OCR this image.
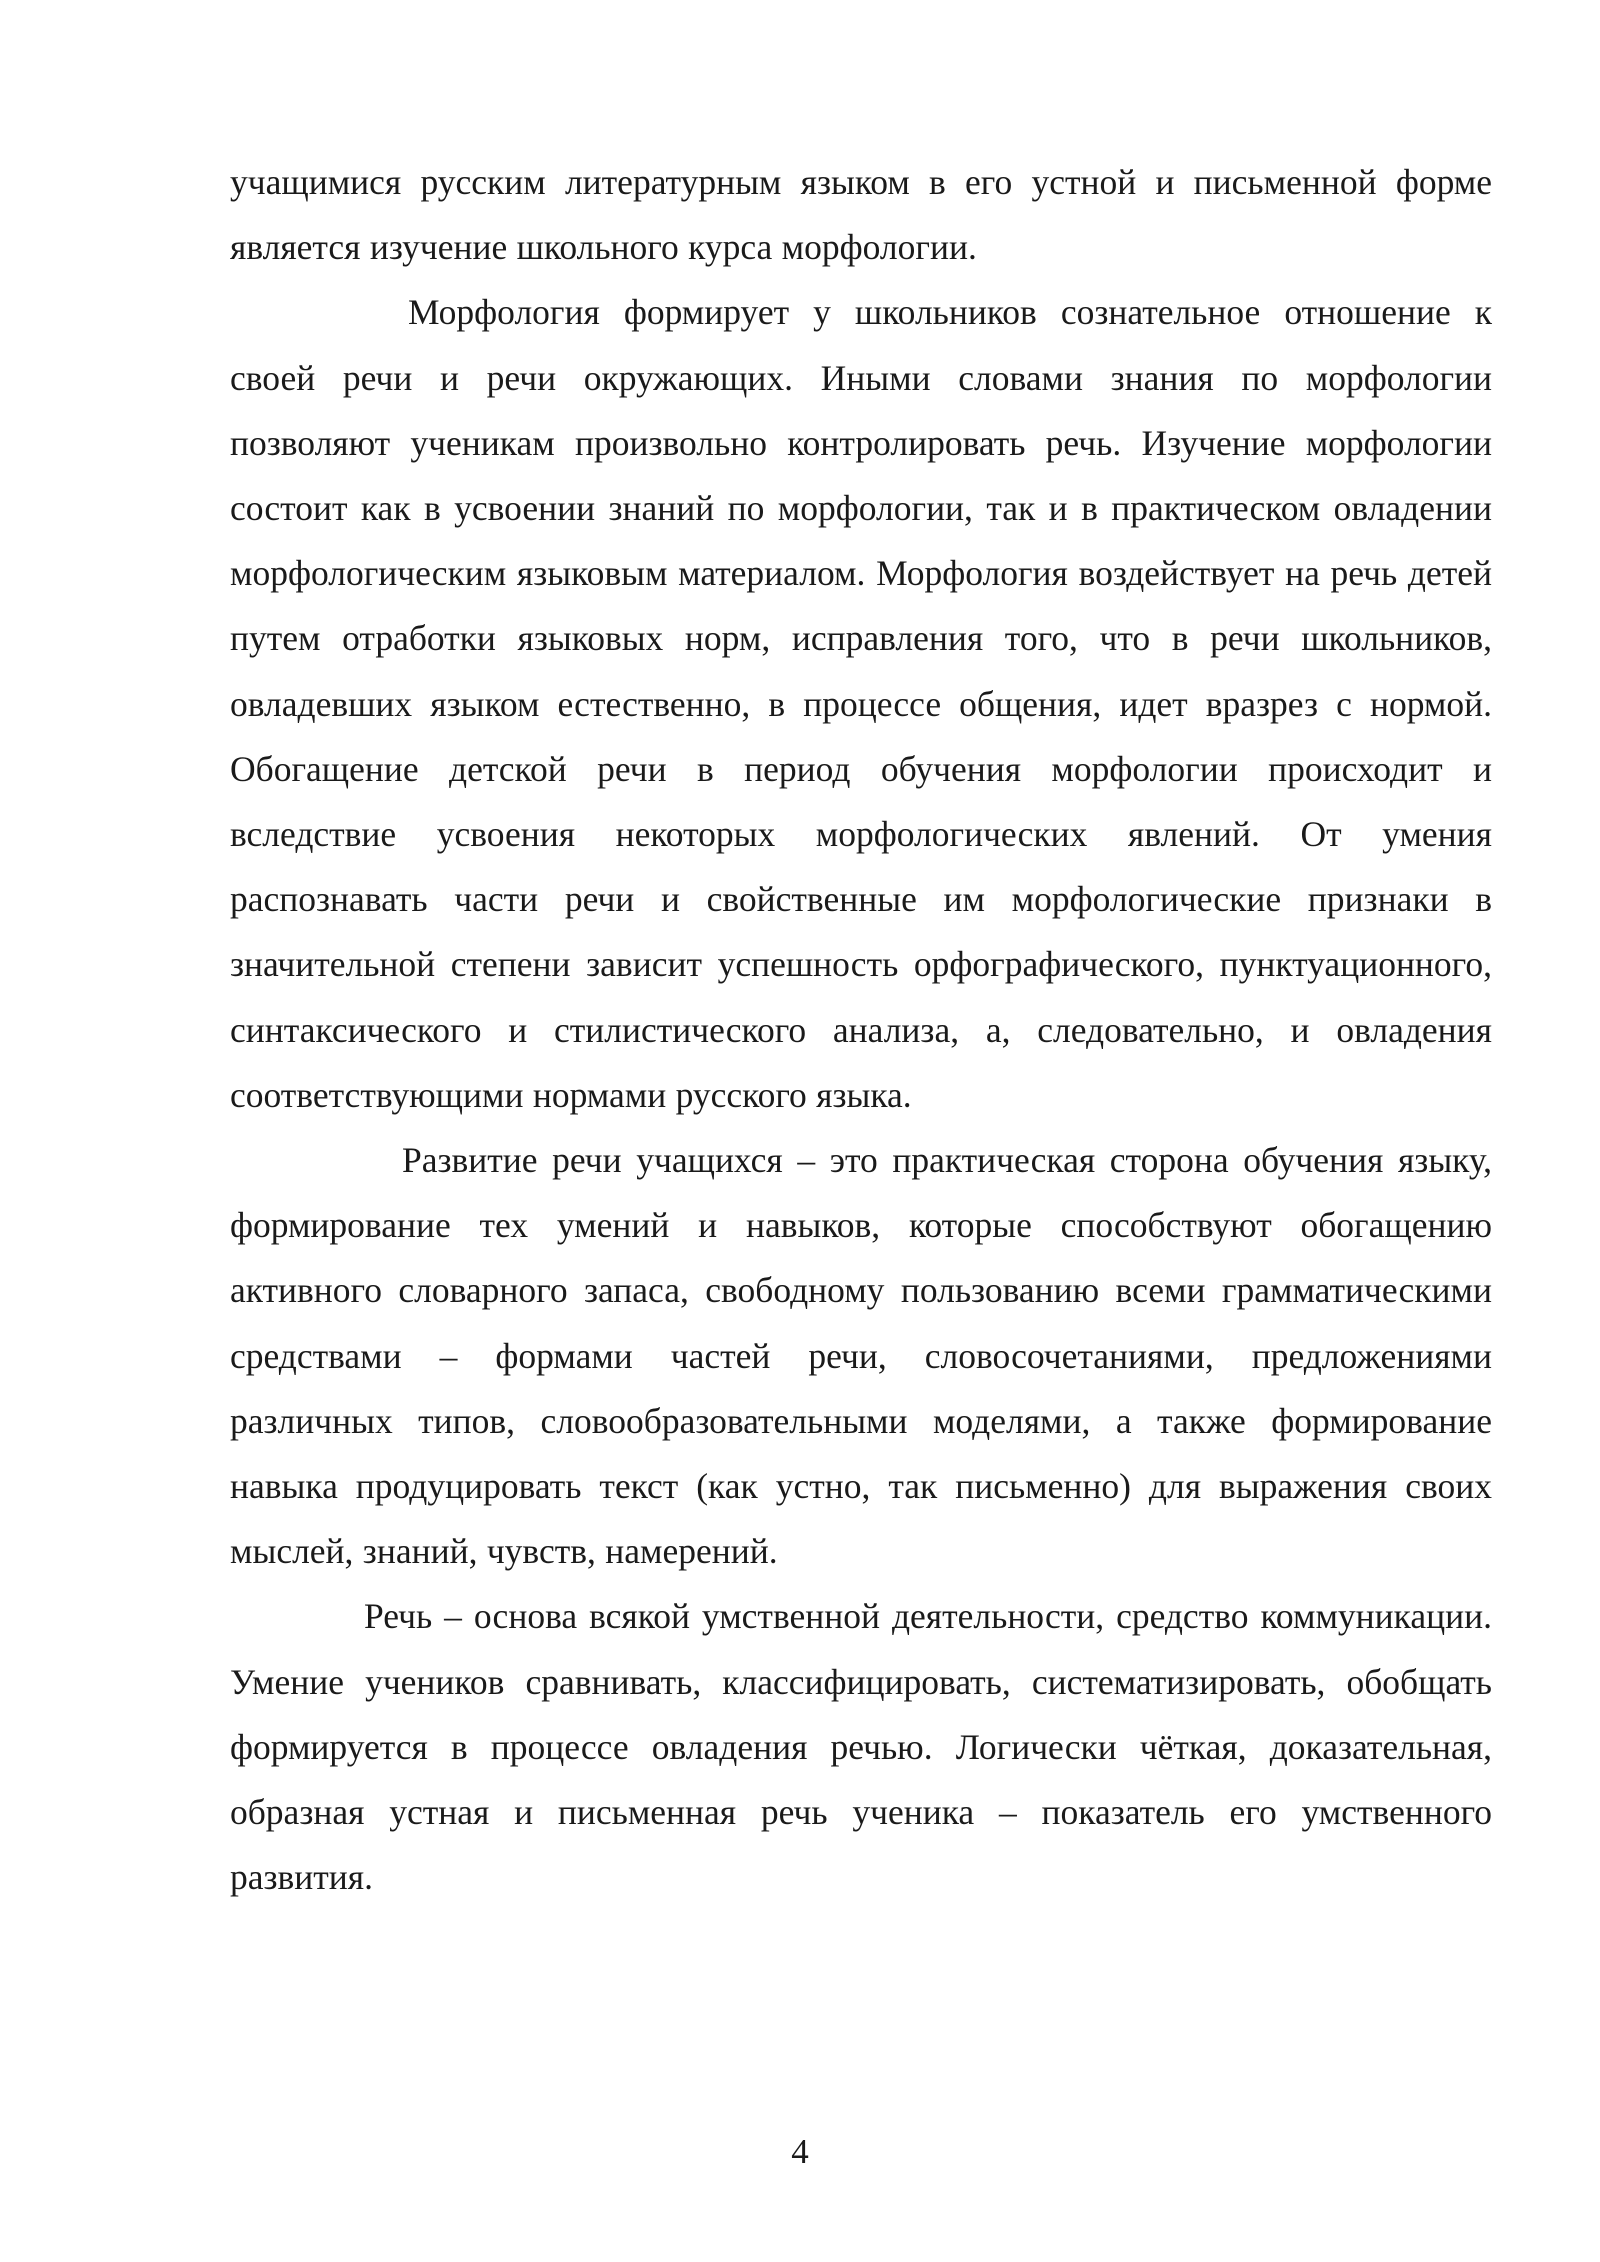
учащимися русским литературным языком в его устной и письменной форме является изучение школьного курса морфологии.

Морфология формирует у школьников сознательное отношение к своей речи и речи окружающих. Иными словами знания по морфологии позволяют ученикам произвольно контролировать речь. Изучение морфологии состоит как в усвоении знаний по морфологии, так и в практическом овладении морфологическим языковым материалом. Морфология воздействует на речь детей путем отработки языковых норм, исправления того, что в речи школьников, овладевших языком естественно, в процессе общения, идет вразрез с нормой. Обогащение детской речи в период обучения морфологии происходит и вследствие усвоения некоторых морфологических явлений. От умения распознавать части речи и свойственные им морфологические признаки в значительной степени зависит успешность орфографического, пунктуационного, синтаксического и стилистического анализа, а, следовательно, и овладения соответствующими нормами русского языка.

Развитие речи учащихся – это практическая сторона обучения языку, формирование тех умений и навыков, которые способствуют обогащению активного словарного запаса, свободному пользованию всеми грамматическими средствами – формами частей речи, словосочетаниями, предложениями различных типов, словообразовательными моделями, а также формирование навыка продуцировать текст (как устно, так письменно) для выражения своих мыслей, знаний, чувств, намерений.

Речь – основа всякой умственной деятельности, средство коммуникации. Умение учеников сравнивать, классифицировать, систематизировать, обобщать формируется в процессе овладения речью. Логически чёткая, доказательная, образная устная и письменная речь ученика – показатель его умственного развития.

4
